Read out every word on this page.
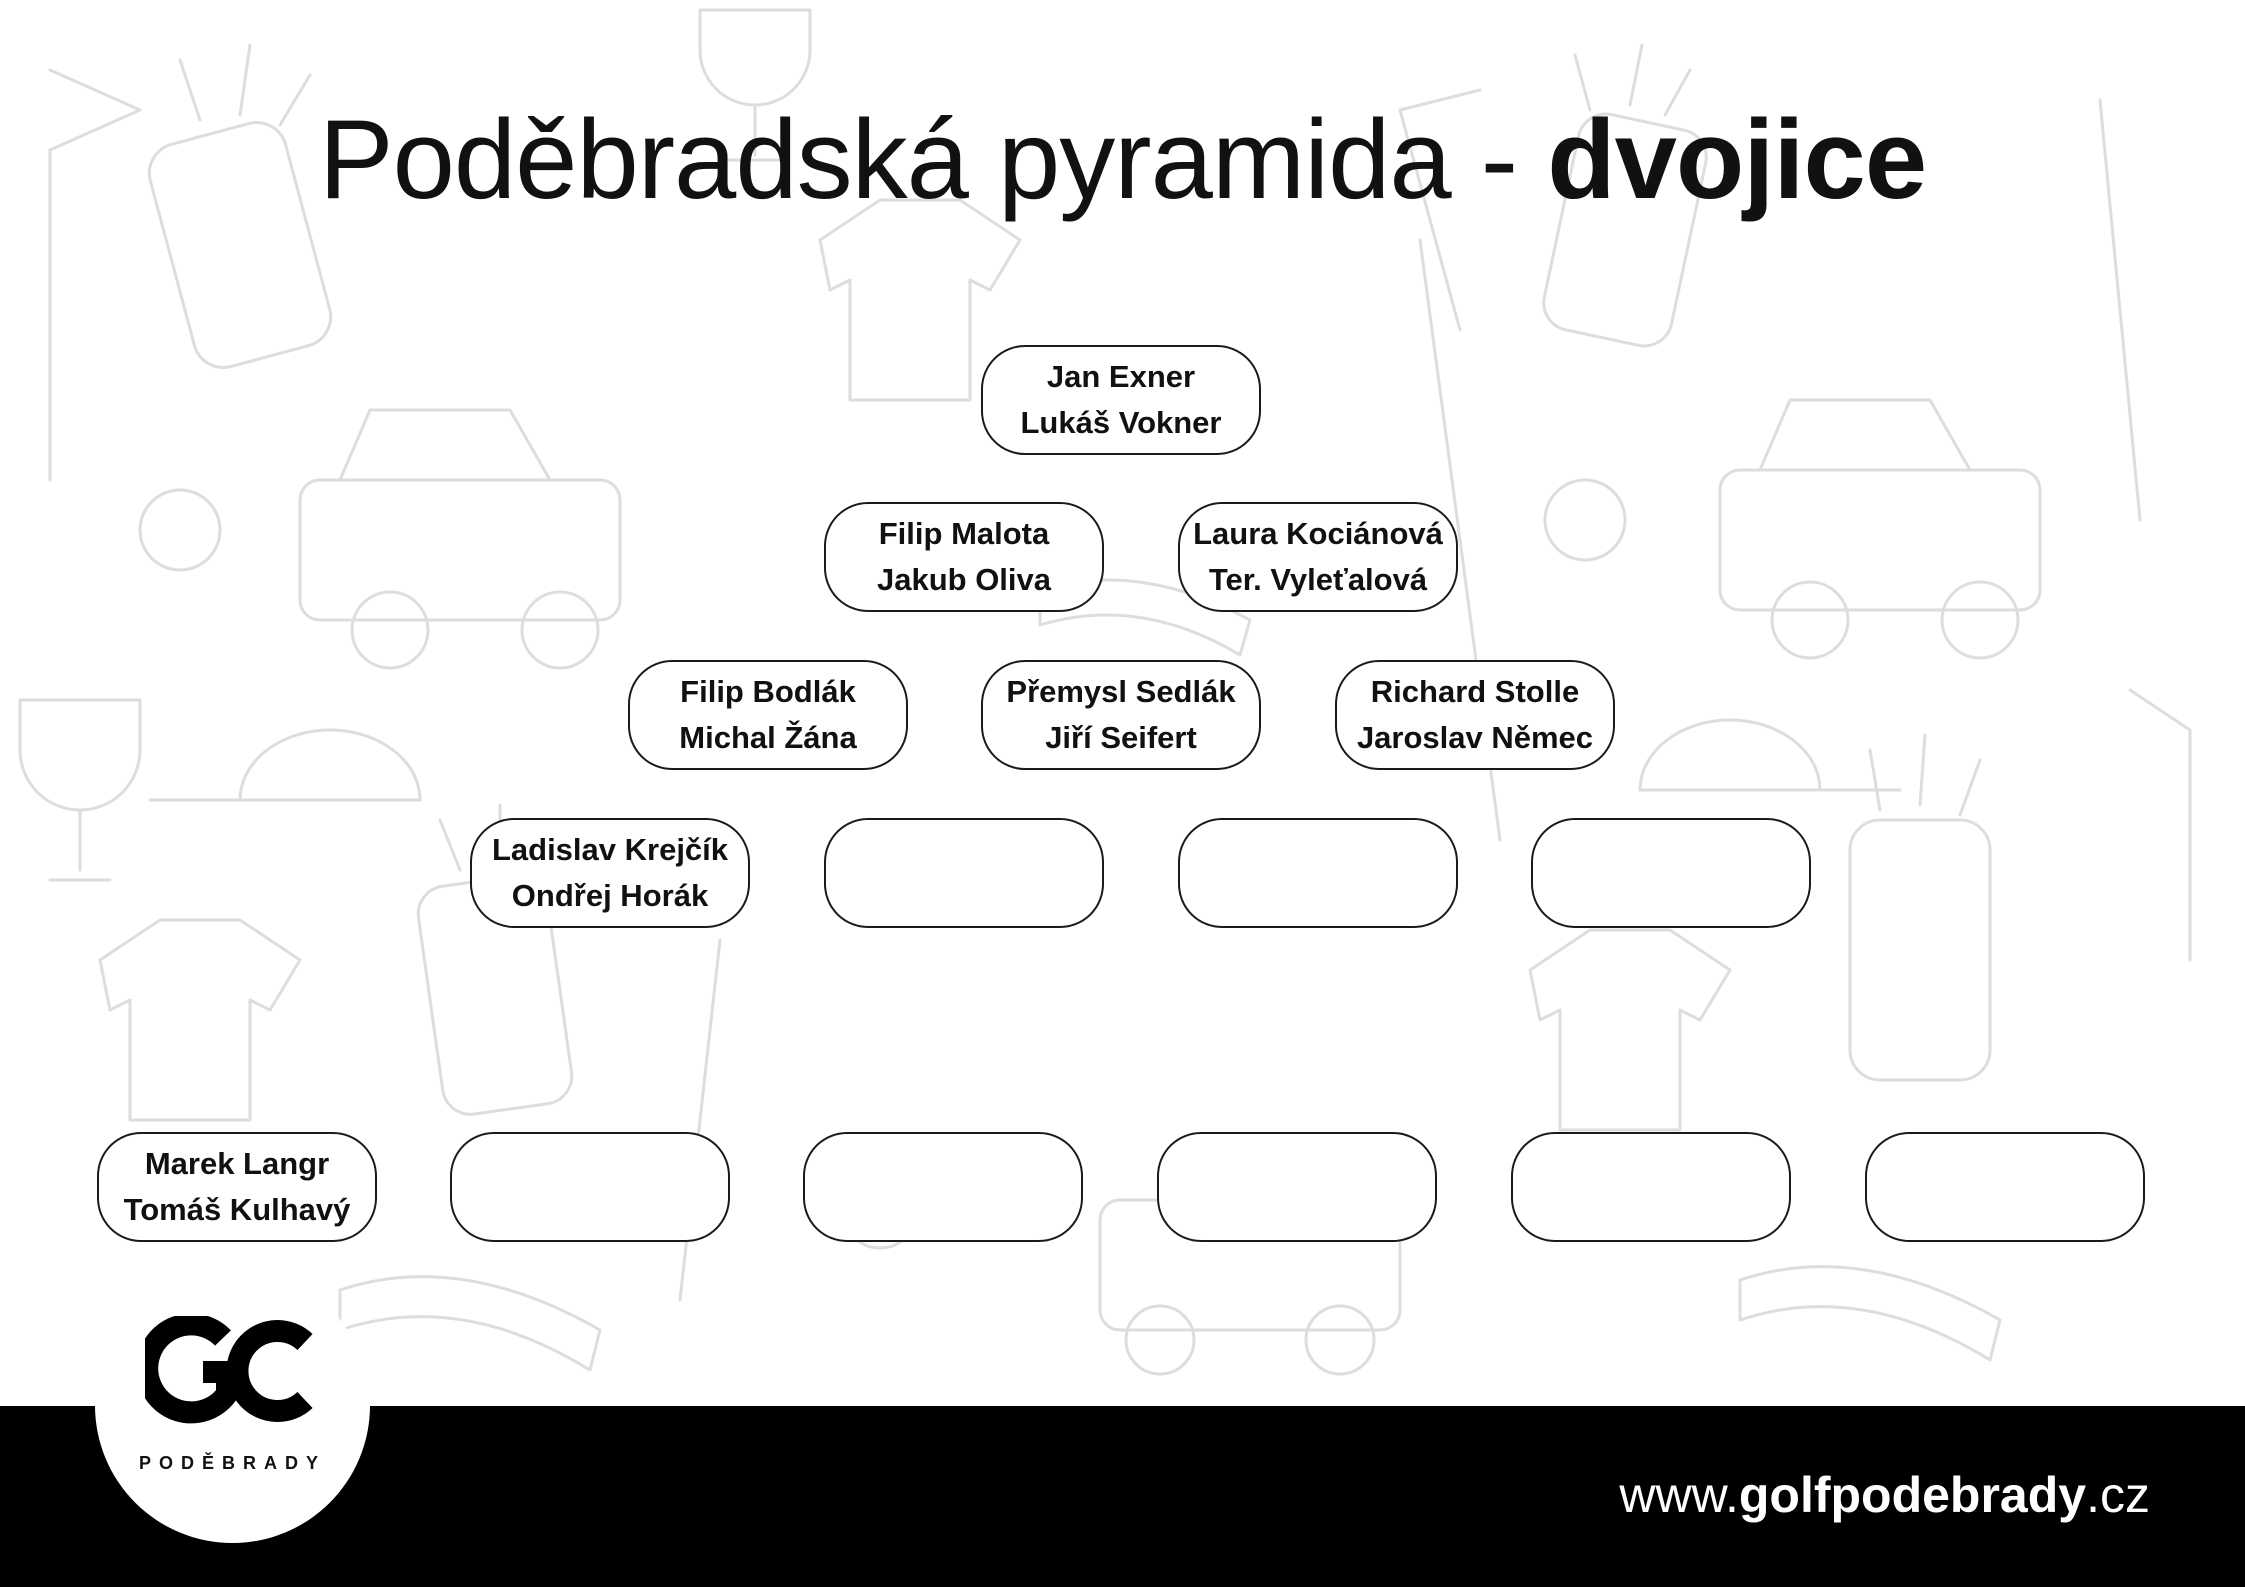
Poděbradská pyramida - dvojice
Jan Exner
Lukáš Vokner
Filip Malota
Jakub Oliva
Laura Kociánová
Ter. Vyleťalová
Filip Bodlák
Michal Žána
Přemysl Sedlák
Jiří Seifert
Richard Stolle
Jaroslav Němec
Ladislav Krejčík
Ondřej Horák
Marek Langr
Tomáš Kulhavý
www.golfpodebrady.cz
PODĚBRADY
